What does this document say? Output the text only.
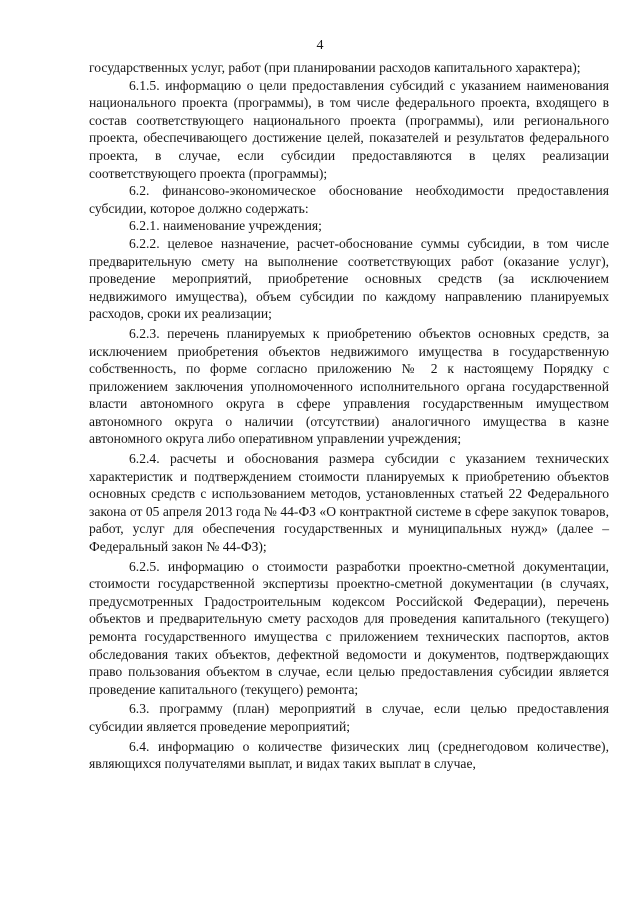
4

государственных услуг, работ (при планировании расходов капитального характера);

6.1.5. информацию о цели предоставления субсидий с указанием наименования национального проекта (программы), в том числе федерального проекта, входящего в состав соответствующего национального проекта (программы), или регионального проекта, обеспечивающего достижение целей, показателей и результатов федерального проекта, в случае, если субсидии предоставляются в целях реализации соответствующего проекта (программы);

6.2. финансово-экономическое обоснование необходимости предоставления субсидии, которое должно содержать:

6.2.1. наименование учреждения;

6.2.2. целевое назначение, расчет-обоснование суммы субсидии, в том числе предварительную смету на выполнение соответствующих работ (оказание услуг), проведение мероприятий, приобретение основных средств (за исключением недвижимого имущества), объем субсидии по каждому направлению планируемых расходов, сроки их реализации;

6.2.3. перечень планируемых к приобретению объектов основных средств, за исключением приобретения объектов недвижимого имущества в государственную собственность, по форме согласно приложению № 2 к настоящему Порядку с приложением заключения уполномоченного исполнительного органа государственной власти автономного округа в сфере управления государственным имуществом автономного округа о наличии (отсутствии) аналогичного имущества в казне автономного округа либо оперативном управлении учреждения;

6.2.4. расчеты и обоснования размера субсидии с указанием технических характеристик и подтверждением стоимости планируемых к приобретению объектов основных средств с использованием методов, установленных статьей 22 Федерального закона от 05 апреля 2013 года № 44-ФЗ «О контрактной системе в сфере закупок товаров, работ, услуг для обеспечения государственных и муниципальных нужд» (далее – Федеральный закон № 44-ФЗ);

6.2.5. информацию о стоимости разработки проектно-сметной документации, стоимости государственной экспертизы проектно-сметной документации (в случаях, предусмотренных Градостроительным кодексом Российской Федерации), перечень объектов и предварительную смету расходов для проведения капитального (текущего) ремонта государственного имущества с приложением технических паспортов, актов обследования таких объектов, дефектной ведомости и документов, подтверждающих право пользования объектом в случае, если целью предоставления субсидии является проведение капитального (текущего) ремонта;

6.3. программу (план) мероприятий в случае, если целью предоставления субсидии является проведение мероприятий;

6.4. информацию о количестве физических лиц (среднегодовом количестве), являющихся получателями выплат, и видах таких выплат в случае,
